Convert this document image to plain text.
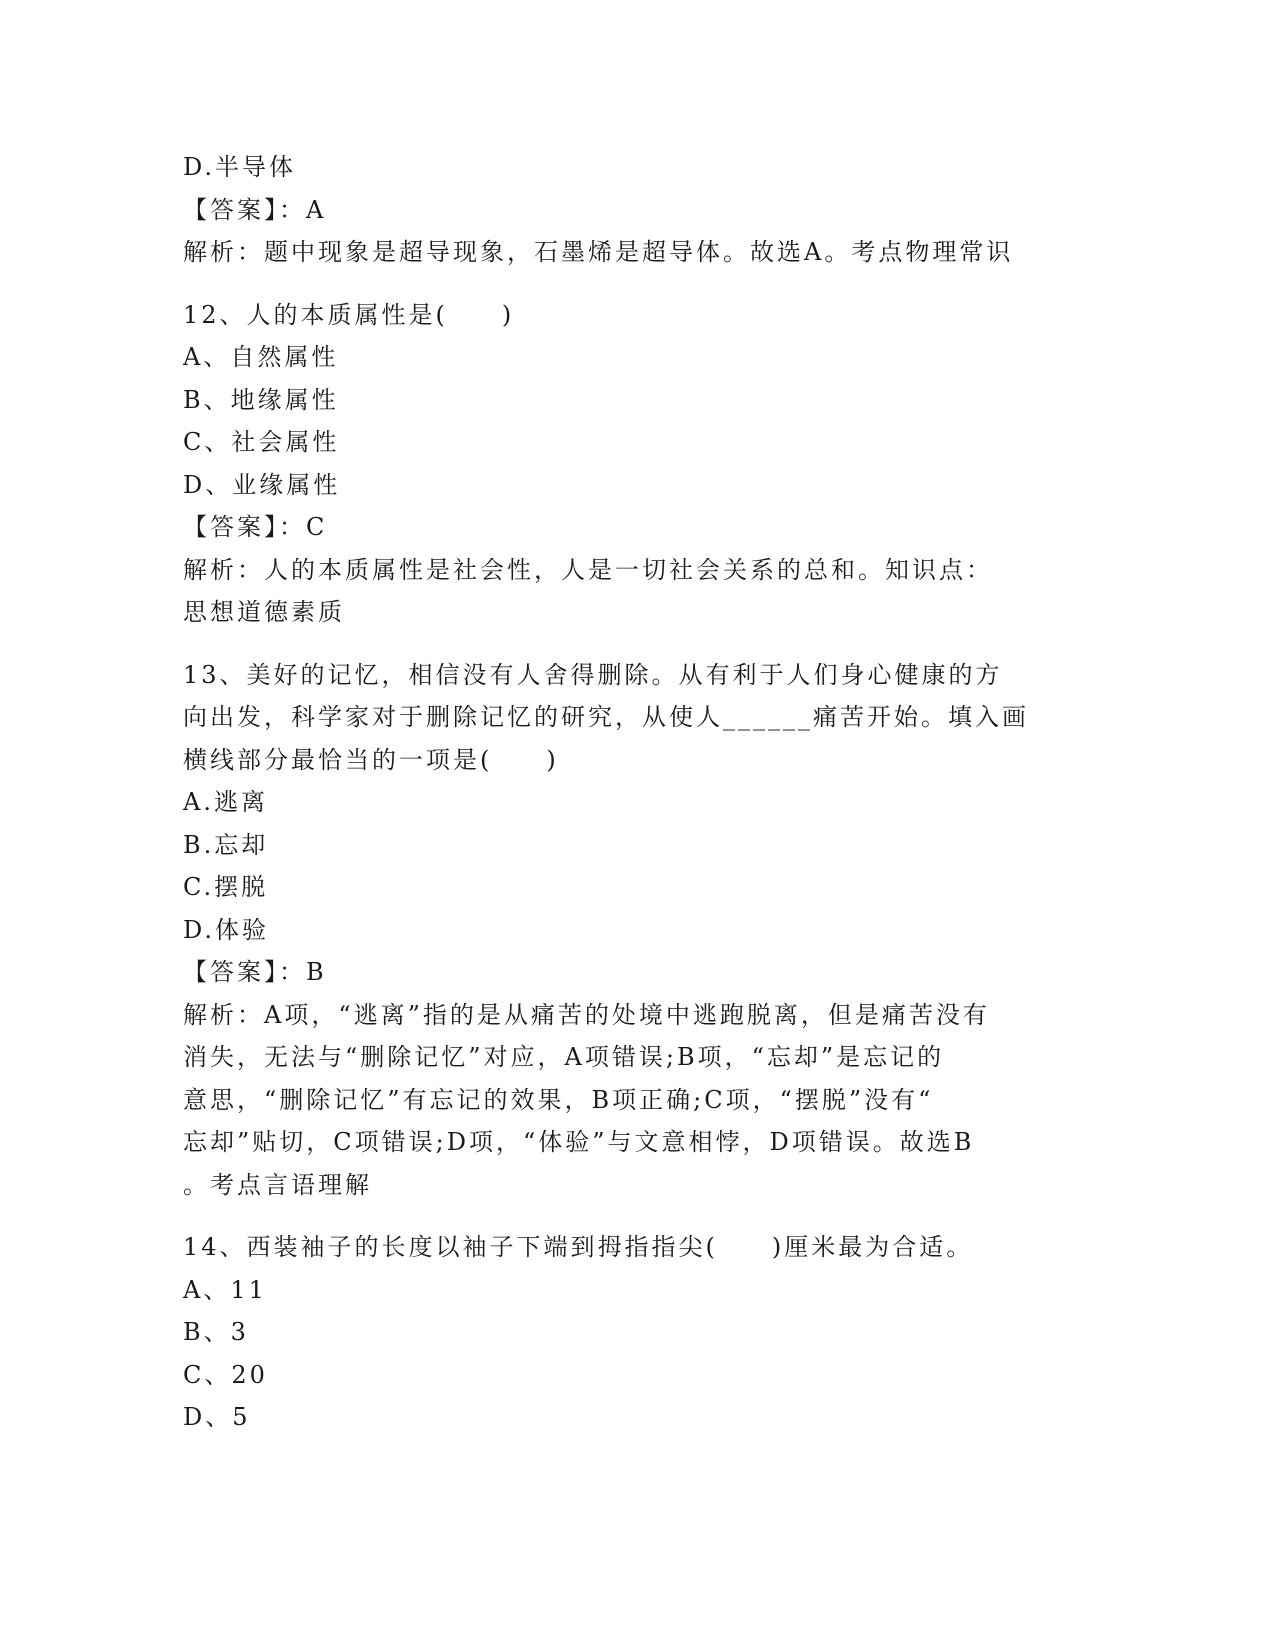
D.半导体
【答案】：A
解析：题中现象是超导现象，石墨烯是超导体。故选A。考点物理常识
12、人的本质属性是(　　)
A、自然属性
B、地缘属性
C、社会属性
D、业缘属性
【答案】：C
解析：人的本质属性是社会性，人是一切社会关系的总和。知识点：
思想道德素质
13、美好的记忆，相信没有人舍得删除。从有利于人们身心健康的方
向出发，科学家对于删除记忆的研究，从使人______痛苦开始。填入画
横线部分最恰当的一项是(　　)
A.逃离
B.忘却
C.摆脱
D.体验
【答案】：B
解析：A项，“逃离”指的是从痛苦的处境中逃跑脱离，但是痛苦没有
消失，无法与“删除记忆”对应，A项错误;B项，“忘却”是忘记的
意思，“删除记忆”有忘记的效果，B项正确;C项，“摆脱”没有“
忘却”贴切，C项错误;D项，“体验”与文意相悖，D项错误。故选B
。考点言语理解
14、西装袖子的长度以袖子下端到拇指指尖(　　)厘米最为合适。
A、11
B、3
C、20
D、5
